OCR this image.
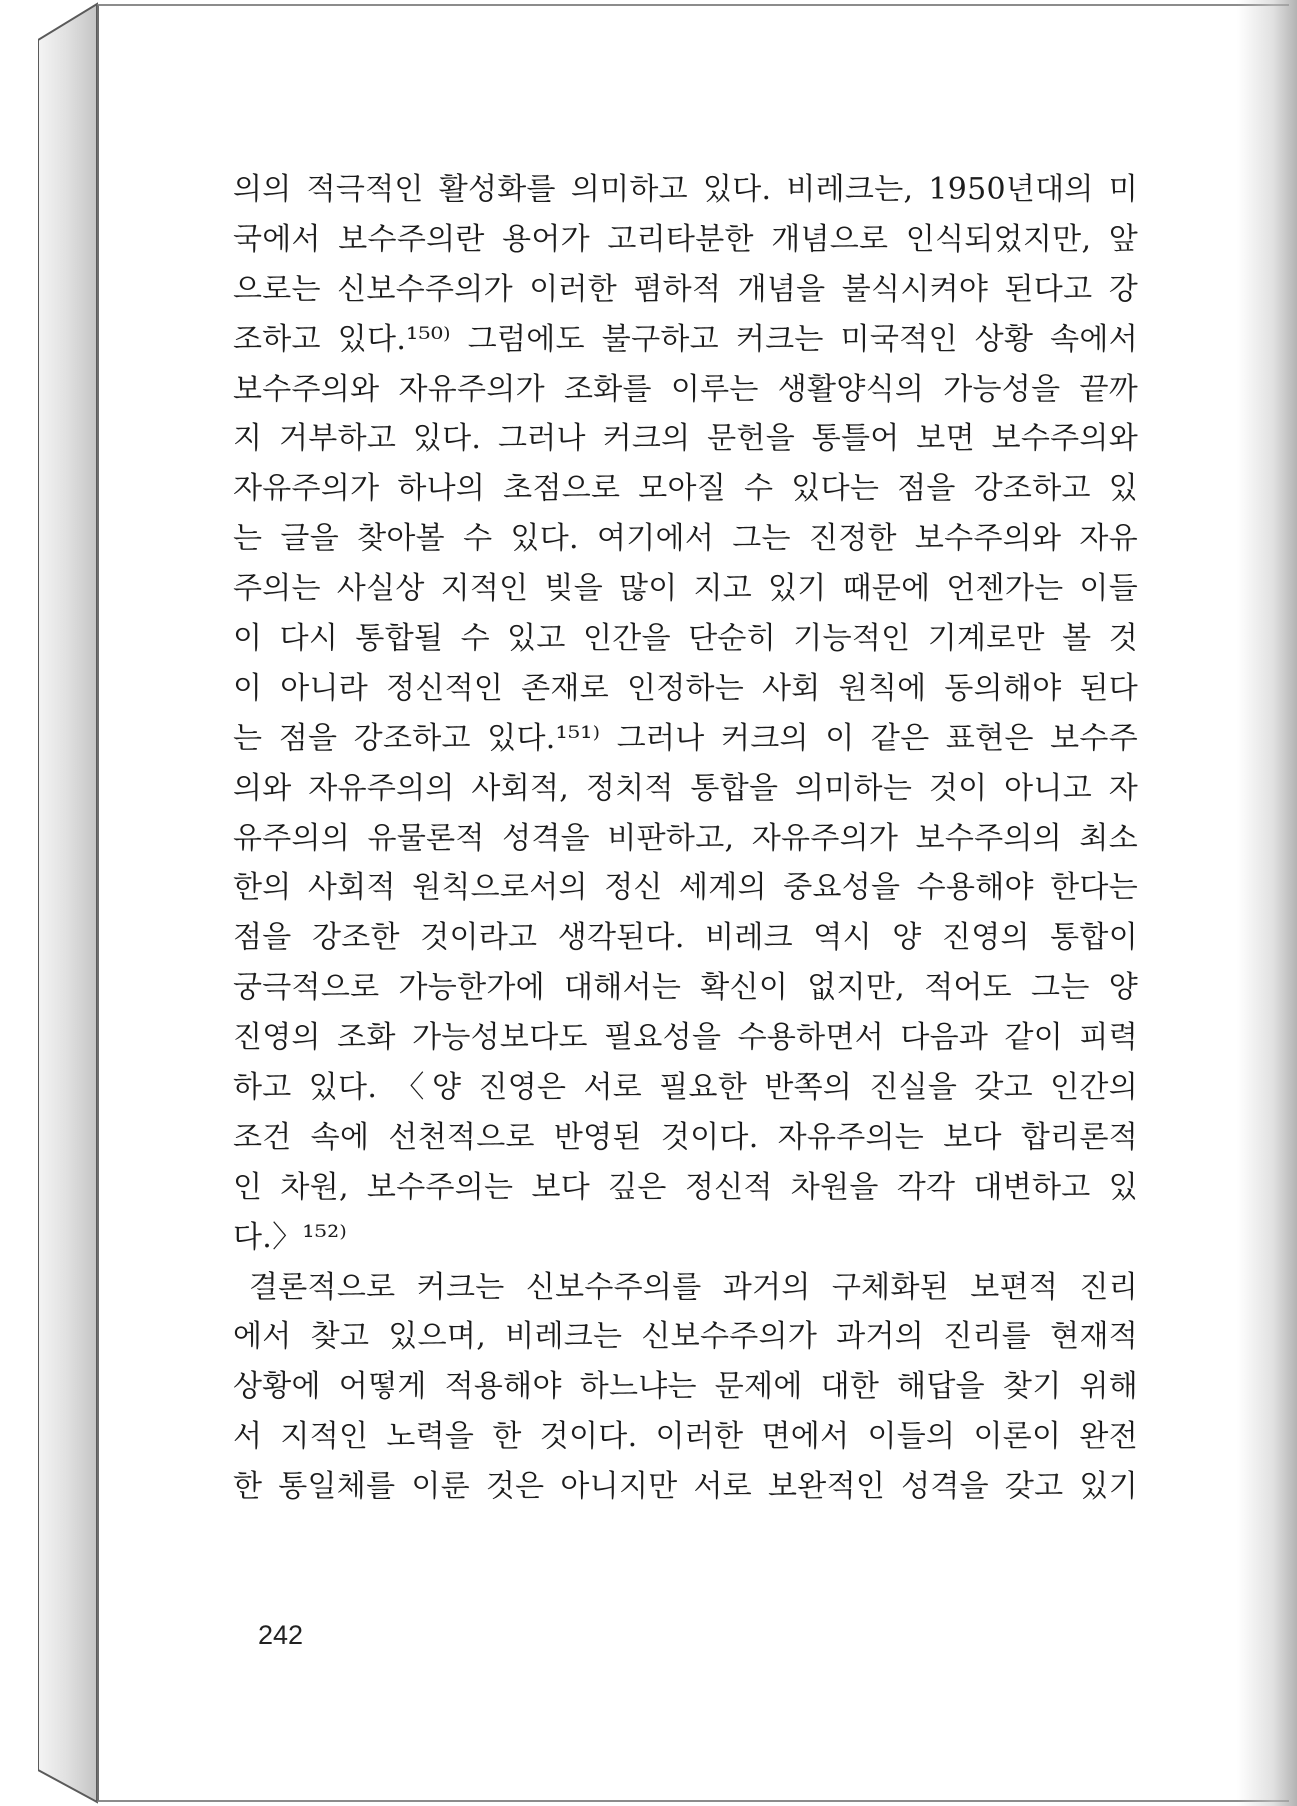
의의 적극적인 활성화를 의미하고 있다. 비레크는, 1950년대의 미
국에서 보수주의란 용어가 고리타분한 개념으로 인식되었지만, 앞
으로는 신보수주의가 이러한 폄하적 개념을 불식시켜야 된다고 강
조하고 있다.¹⁵⁰⁾ 그럼에도 불구하고 커크는 미국적인 상황 속에서
보수주의와 자유주의가 조화를 이루는 생활양식의 가능성을 끝까
지 거부하고 있다. 그러나 커크의 문헌을 통틀어 보면 보수주의와
자유주의가 하나의 초점으로 모아질 수 있다는 점을 강조하고 있
는 글을 찾아볼 수 있다. 여기에서 그는 진정한 보수주의와 자유
주의는 사실상 지적인 빚을 많이 지고 있기 때문에 언젠가는 이들
이 다시 통합될 수 있고 인간을 단순히 기능적인 기계로만 볼 것
이 아니라 정신적인 존재로 인정하는 사회 원칙에 동의해야 된다
는 점을 강조하고 있다.¹⁵¹⁾ 그러나 커크의 이 같은 표현은 보수주
의와 자유주의의 사회적, 정치적 통합을 의미하는 것이 아니고 자
유주의의 유물론적 성격을 비판하고, 자유주의가 보수주의의 최소
한의 사회적 원칙으로서의 정신 세계의 중요성을 수용해야 한다는
점을 강조한 것이라고 생각된다. 비레크 역시 양 진영의 통합이
궁극적으로 가능한가에 대해서는 확신이 없지만, 적어도 그는 양
진영의 조화 가능성보다도 필요성을 수용하면서 다음과 같이 피력
하고 있다. 〈양 진영은 서로 필요한 반쪽의 진실을 갖고 인간의
조건 속에 선천적으로 반영된 것이다. 자유주의는 보다 합리론적
인 차원, 보수주의는 보다 깊은 정신적 차원을 각각 대변하고 있
다.〉¹⁵²⁾
결론적으로 커크는 신보수주의를 과거의 구체화된 보편적 진리
에서 찾고 있으며, 비레크는 신보수주의가 과거의 진리를 현재적
상황에 어떻게 적용해야 하느냐는 문제에 대한 해답을 찾기 위해
서 지적인 노력을 한 것이다. 이러한 면에서 이들의 이론이 완전
한 통일체를 이룬 것은 아니지만 서로 보완적인 성격을 갖고 있기
242
